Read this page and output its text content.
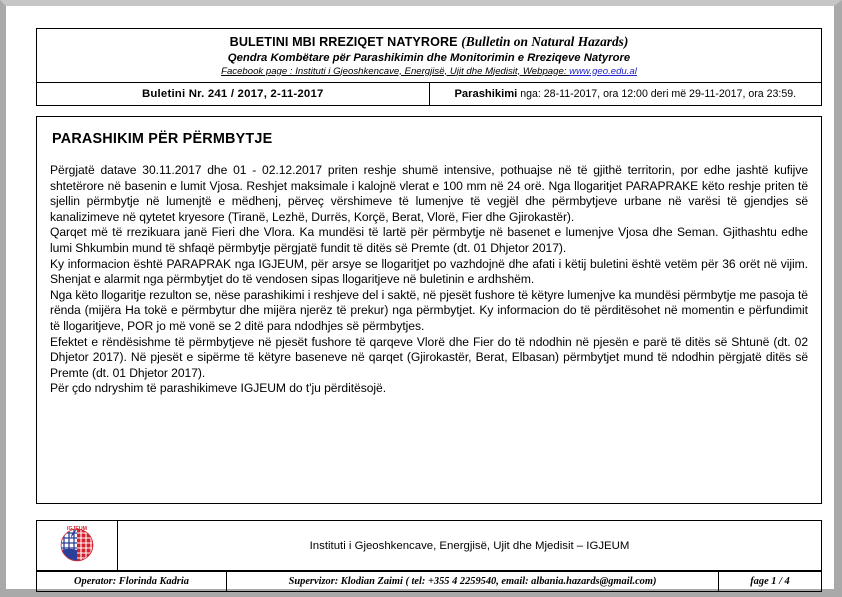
BULETINI MBI RREZIQET NATYRORE (Bulletin on Natural Hazards)
Qendra Kombëtare për Parashikimin dhe Monitorimin e Rreziqeve Natyrore
Facebook page : Instituti i Gjeoshkencave, Energjisë, Ujit dhe Mjedisit, Webpage: www.geo.edu.al

Buletini Nr. 241 / 2017, 2-11-2017	Parashikimi nga: 28-11-2017, ora 12:00 deri më 29-11-2017, ora 23:59.
PARASHIKIM PËR PËRMBYTJE

Përgjatë datave 30.11.2017 dhe 01 - 02.12.2017 priten reshje shumë intensive, pothuajse në të gjithë territorin, por edhe jashtë kufijve shtetërore në basenin e lumit Vjosa. Reshjet maksimale i kalojnë vlerat e 100 mm në 24 orë. Nga llogaritjet PARAPRAKE këto reshje priten të sjellin përmbytje në lumenjtë e mëdhenj, përveç vërshimeve të lumenjve të vegjël dhe përmbytjeve urbane në varësi të gjendjes së kanalizimeve në qytetet kryesore (Tiranë, Lezhë, Durrës, Korçë, Berat, Vlorë, Fier dhe Gjirokastër).

Qarqet më të rrezikuara janë Fieri dhe Vlora. Ka mundësi të lartë për përmbytje në basenet e lumenjve Vjosa dhe Seman. Gjithashtu edhe lumi Shkumbin mund të shfaqë përmbytje përgjatë fundit të ditës së Premte (dt. 01 Dhjetor 2017).

Ky informacion është PARAPRAK nga IGJEUM, për arsye se llogaritjet po vazhdojnë dhe afati i këtij buletini është vetëm për 36 orët në vijim. Shenjat e alarmit nga përmbytjet do të vendosen sipas llogaritjeve në buletinin e ardhshëm.

Nga këto llogaritje rezulton se, nëse parashikimi i reshjeve del i saktë, në pjesët fushore të këtyre lumenjve ka mundësi përmbytje me pasoja të rënda (mijëra Ha tokë e përmbytur dhe mijëra njerëz të prekur) nga përmbytjet. Ky informacion do të përditësohet në momentin e përfundimit të llogaritjeve, POR jo më vonë se 2 ditë para ndodhjes së përmbytjes.

Efektet e rëndësishme të përmbytjeve në pjesët fushore të qarqeve Vlorë dhe Fier do të ndodhin në pjesën e parë të ditës së Shtunë (dt. 02 Dhjetor 2017). Në pjesët e sipërme të këtyre baseneve në qarqet (Gjirokastër, Berat, Elbasan) përmbytjet mund të ndodhin përgjatë ditës së Premte (dt. 01 Dhjetor 2017).

Për çdo ndryshim të parashikimeve IGJEUM do t'ju përditësojë.

IGJEUM
	Instituti i Gjeoshkencave, Energjisë, Ujit dhe Mjedisit – IGJEUM
Operator: Florinda Kadria	Supervizor: Klodian Zaimi ( tel: +355 4 2259540, email: albania.hazards@gmail.com)	fage 1 / 4
